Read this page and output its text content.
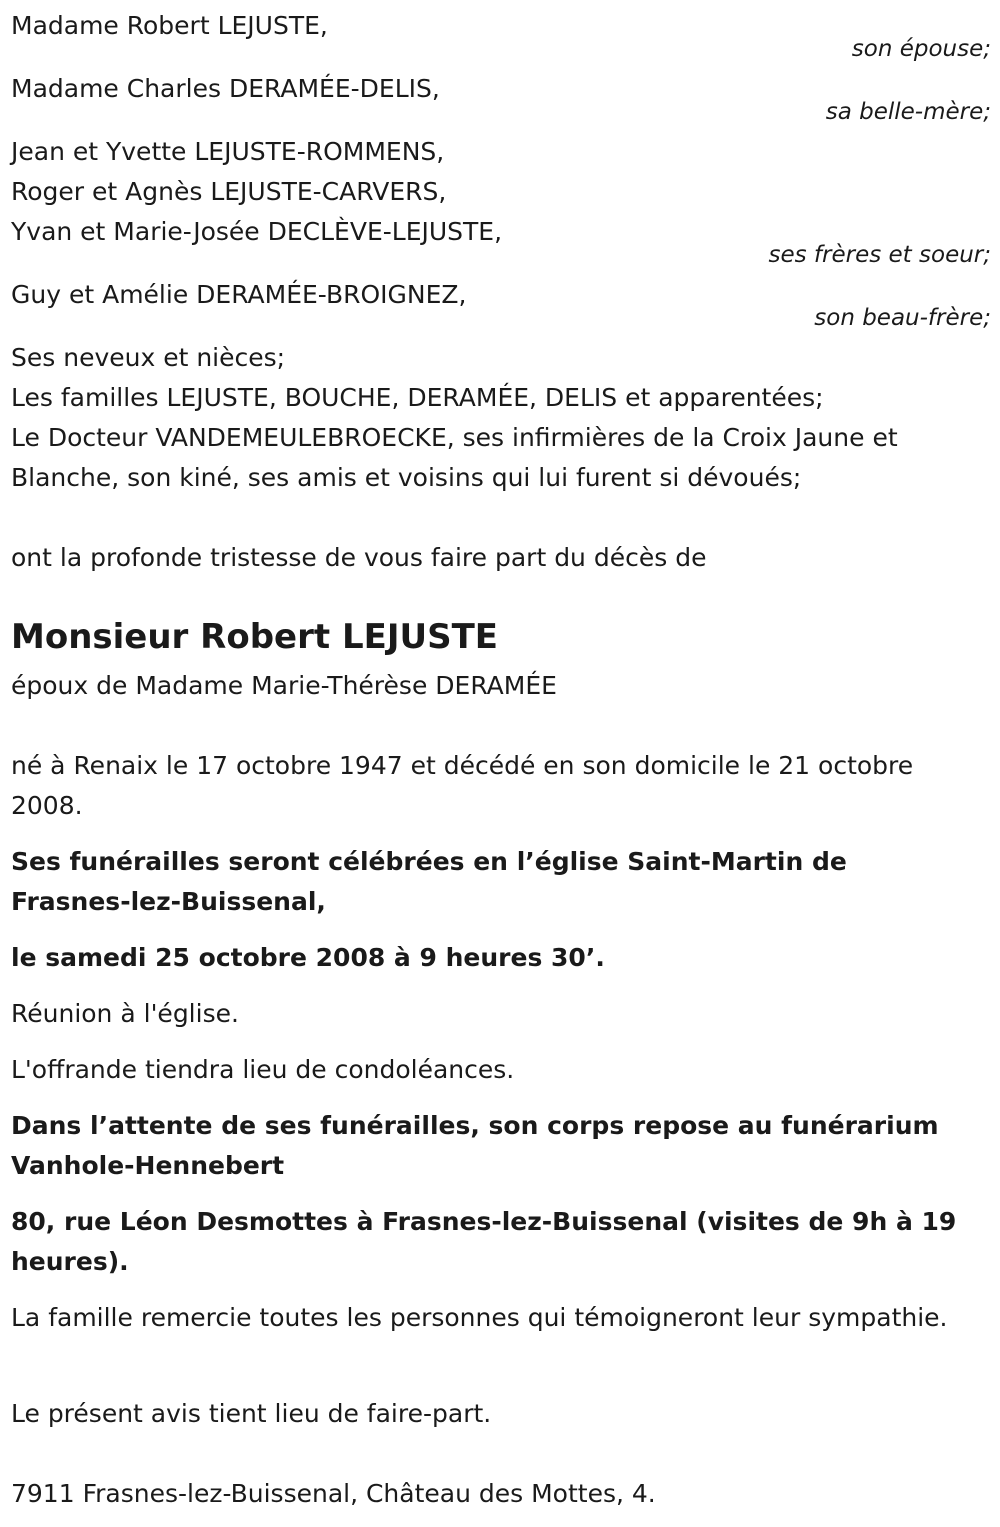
Madame Robert LEJUSTE,
son épouse;
Madame Charles DERAMÉE-DELIS,
sa belle-mère;
Jean et Yvette LEJUSTE-ROMMENS,
Roger et Agnès LEJUSTE-CARVERS,
Yvan et Marie-Josée DECLÈVE-LEJUSTE,
ses frères et soeur;
Guy et Amélie DERAMÉE-BROIGNEZ,
son beau-frère;
Ses neveux et nièces;
Les familles LEJUSTE, BOUCHE, DERAMÉE, DELIS et apparentées;
Le Docteur VANDEMEULEBROECKE, ses infirmières de la Croix Jaune et
Blanche, son kiné, ses amis et voisins qui lui furent si dévoués;
ont la profonde tristesse de vous faire part du décès de
Monsieur Robert LEJUSTE
époux de Madame Marie-Thérèse DERAMÉE
né à Renaix le 17 octobre 1947 et décédé en son domicile le 21 octobre 2008.
Ses funérailles seront célébrées en l’église Saint-Martin de Frasnes-lez-Buissenal,
le samedi 25 octobre 2008 à 9 heures 30’.
Réunion à l'église.
L'offrande tiendra lieu de condoléances.
Dans l’attente de ses funérailles, son corps repose au funérarium Vanhole-Hennebert
80, rue Léon Desmottes à Frasnes-lez-Buissenal (visites de 9h à 19 heures).
La famille remercie toutes les personnes qui témoigneront leur sympathie.
Le présent avis tient lieu de faire-part.
7911 Frasnes-lez-Buissenal, Château des Mottes, 4.
